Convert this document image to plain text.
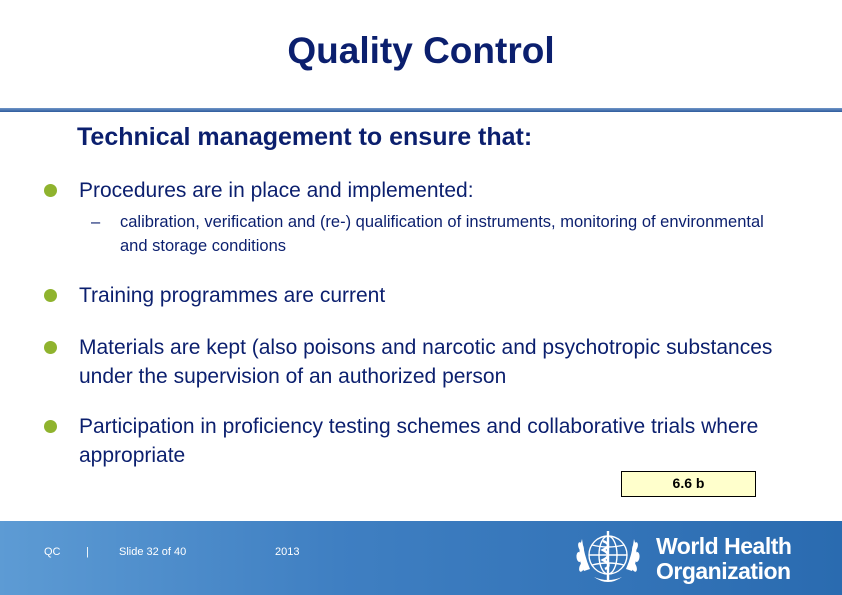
Quality Control
Technical management to ensure that:
Procedures are in place and implemented:
– calibration, verification and (re-) qualification of instruments, monitoring of environmental and storage conditions
Training programmes are current
Materials are kept (also poisons and narcotic and psychotropic substances under the supervision of an authorized person
Participation in proficiency testing schemes and collaborative trials where appropriate
6.6 b
QC |	Slide 32 of 40	2013	World Health
Organization
